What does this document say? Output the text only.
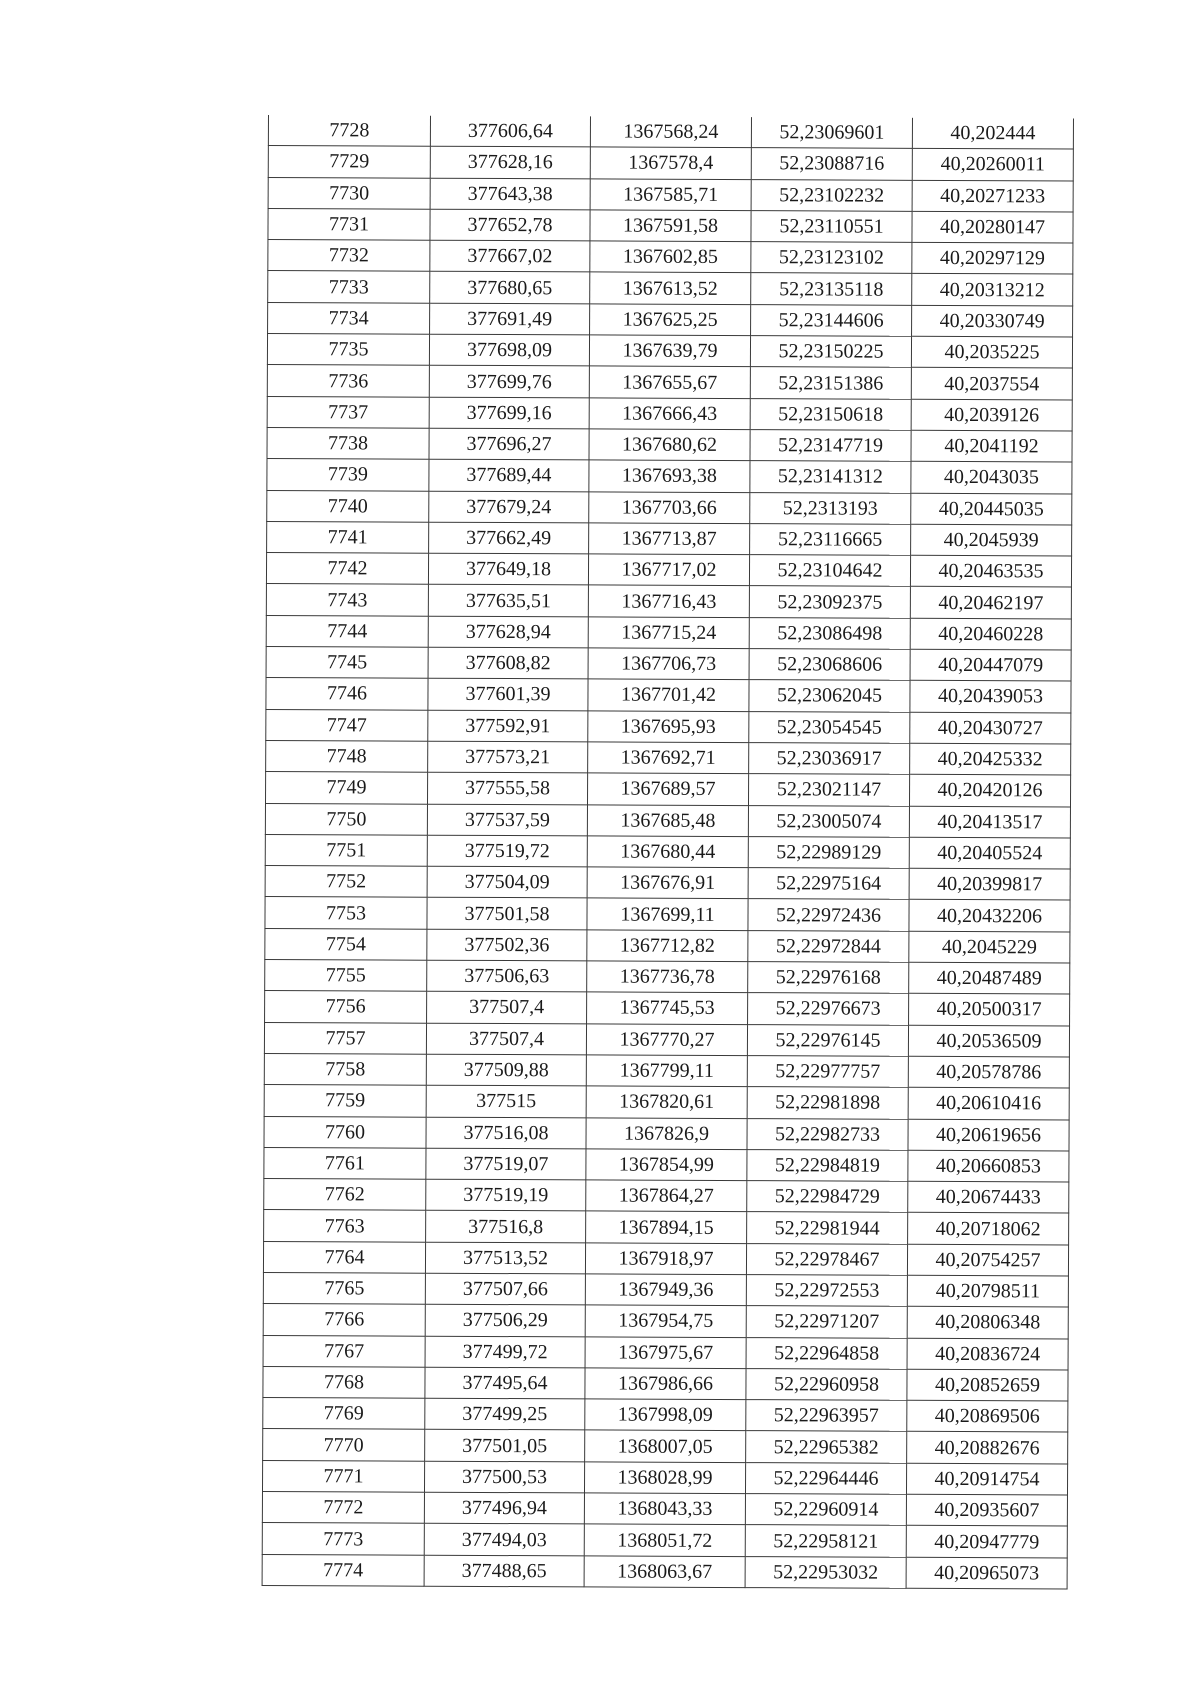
7728	377606,64	1367568,24	52,23069601	40,202444
7729	377628,16	1367578,4	52,23088716	40,20260011
7730	377643,38	1367585,71	52,23102232	40,20271233
7731	377652,78	1367591,58	52,23110551	40,20280147
7732	377667,02	1367602,85	52,23123102	40,20297129
7733	377680,65	1367613,52	52,23135118	40,20313212
7734	377691,49	1367625,25	52,23144606	40,20330749
7735	377698,09	1367639,79	52,23150225	40,2035225
7736	377699,76	1367655,67	52,23151386	40,2037554
7737	377699,16	1367666,43	52,23150618	40,2039126
7738	377696,27	1367680,62	52,23147719	40,2041192
7739	377689,44	1367693,38	52,23141312	40,2043035
7740	377679,24	1367703,66	52,2313193	40,20445035
7741	377662,49	1367713,87	52,23116665	40,2045939
7742	377649,18	1367717,02	52,23104642	40,20463535
7743	377635,51	1367716,43	52,23092375	40,20462197
7744	377628,94	1367715,24	52,23086498	40,20460228
7745	377608,82	1367706,73	52,23068606	40,20447079
7746	377601,39	1367701,42	52,23062045	40,20439053
7747	377592,91	1367695,93	52,23054545	40,20430727
7748	377573,21	1367692,71	52,23036917	40,20425332
7749	377555,58	1367689,57	52,23021147	40,20420126
7750	377537,59	1367685,48	52,23005074	40,20413517
7751	377519,72	1367680,44	52,22989129	40,20405524
7752	377504,09	1367676,91	52,22975164	40,20399817
7753	377501,58	1367699,11	52,22972436	40,20432206
7754	377502,36	1367712,82	52,22972844	40,2045229
7755	377506,63	1367736,78	52,22976168	40,20487489
7756	377507,4	1367745,53	52,22976673	40,20500317
7757	377507,4	1367770,27	52,22976145	40,20536509
7758	377509,88	1367799,11	52,22977757	40,20578786
7759	377515	1367820,61	52,22981898	40,20610416
7760	377516,08	1367826,9	52,22982733	40,20619656
7761	377519,07	1367854,99	52,22984819	40,20660853
7762	377519,19	1367864,27	52,22984729	40,20674433
7763	377516,8	1367894,15	52,22981944	40,20718062
7764	377513,52	1367918,97	52,22978467	40,20754257
7765	377507,66	1367949,36	52,22972553	40,20798511
7766	377506,29	1367954,75	52,22971207	40,20806348
7767	377499,72	1367975,67	52,22964858	40,20836724
7768	377495,64	1367986,66	52,22960958	40,20852659
7769	377499,25	1367998,09	52,22963957	40,20869506
7770	377501,05	1368007,05	52,22965382	40,20882676
7771	377500,53	1368028,99	52,22964446	40,20914754
7772	377496,94	1368043,33	52,22960914	40,20935607
7773	377494,03	1368051,72	52,22958121	40,20947779
7774	377488,65	1368063,67	52,22953032	40,20965073
